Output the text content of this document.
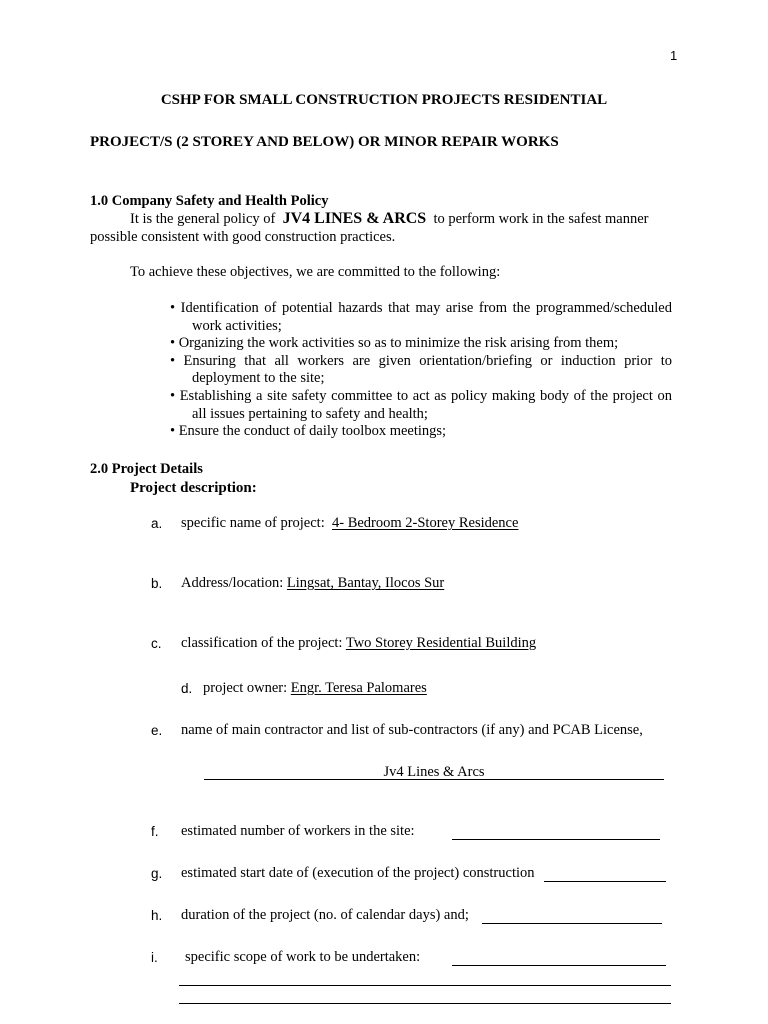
1
CSHP FOR SMALL CONSTRUCTION PROJECTS RESIDENTIAL
PROJECT/S (2 STOREY AND BELOW) OR MINOR REPAIR WORKS
1.0 Company Safety and Health Policy
It is the general policy of JV4 LINES & ARCS to perform work in the safest manner
possible consistent with good construction practices.
To achieve these objectives, we are committed to the following:
• Identification of potential hazards that may arise from the programmed/scheduled work activities;
• Organizing the work activities so as to minimize the risk arising from them;
• Ensuring that all workers are given orientation/briefing or induction prior to deployment to the site;
• Establishing a site safety committee to act as policy making body of the project on all issues pertaining to safety and health;
• Ensure the conduct of daily toolbox meetings;
2.0 Project Details
Project description:
a. specific name of project: 4- Bedroom 2-Storey Residence
b. Address/location: Lingsat, Bantay, Ilocos Sur
c. classification of the project: Two Storey Residential Building
d. project owner: Engr. Teresa Palomares
e. name of main contractor and list of sub-contractors (if any) and PCAB License,
Jv4 Lines & Arcs
f. estimated number of workers in the site:
g. estimated start date of (execution of the project) construction
h. duration of the project (no. of calendar days) and;
i. specific scope of work to be undertaken:
